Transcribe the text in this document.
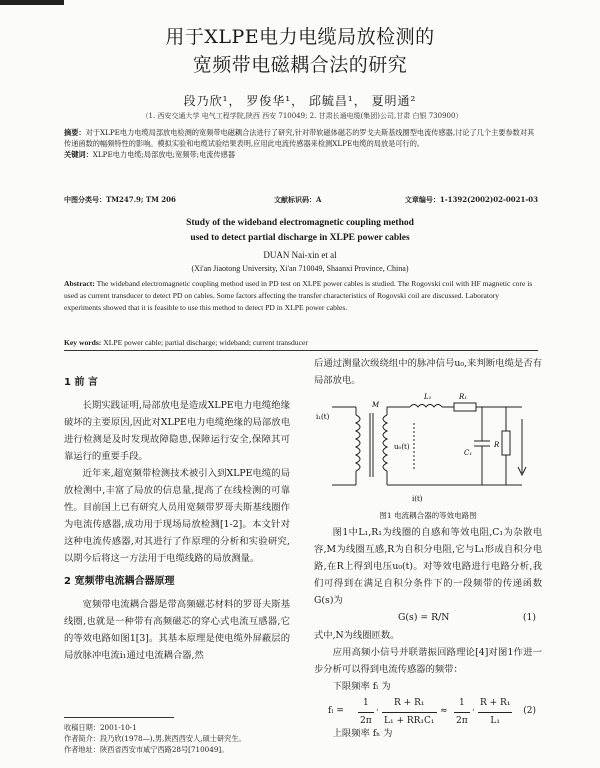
用于XLPE电力电缆局放检测的
宽频带电磁耦合法的研究
段乃欣¹， 罗俊华¹， 邱毓昌¹， 夏明通²
（1. 西安交通大学 电气工程学院,陕西 西安 710049; 2. 甘肃长通电缆(集团)公司,甘肃 白银 730900）
摘要：对于XLPE电力电缆局部放电检测的宽频带电磁耦合法进行了研究,针对带软磁体磁芯的罗戈夫斯基线圈型电流传感器,讨论了几个主要参数对其传递函数的幅频特性的影响。模拟实验和电缆试验结果表明,应用此电流传感器来检测XLPE电缆的局放是可行的。
关键词：XLPE电力电缆;局部放电;宽频带;电流传感器
中图分类号：TM247.9; TM 206	文献标识码：A	文章编号：1-1392(2002)02-0021-03
Study of the wideband electromagnetic coupling method
used to detect partial discharge in XLPE power cables
DUAN Nai-xin et al
(Xi'an Jiaotong University, Xi'an 710049, Shaanxi Province, China)
Abstract: The wideband electromagnetic coupling method used in PD test on XLPE power cables is studied. The Rogovski coil with HF magnetic core is used as current transducer to detect PD on cables. Some factors affecting the transfer characteristics of Rogovski coil are discussed. Laboratory experiments showed that it is feasible to use this method to detect PD in XLPE power cables.
Key words: XLPE power cable; partial discharge; wideband; current transducer

1 前 言

长期实践证明,局部放电是造成XLPE电力电缆绝缘破坏的主要原因,因此对XLPE电力电缆绝缘的局部放电进行检测是及时发现故障隐患,保障运行安全,保障其可靠运行的重要手段。

近年来,超宽频带检测技术被引入到XLPE电缆的局放检测中,丰富了局放的信息量,提高了在线检测的可靠性。目前国上已有研究人员用宽频带罗哥夫斯基线圈作为电流传感器,成功用于现场局放检测[1-2]。本文针对这种电流传感器,对其进行了作原理的分析和实验研究,以期今后将这一方法用于电缆线路的局放测量。

2 宽频带电流耦合器原理

宽频带电流耦合器是带高频磁芯材料的罗哥夫斯基线圈,也就是一种带有高频磁芯的穿心式电流互感器,它的等效电路如图1[3]。其基本原理是使电缆外屏蔽层的局放脉冲电流i₁通过电流耦合器,然

收稿日期：2001-10-1
作者简介：段乃欣(1978—),男,陕西西安人,硕士研究生。
作者地址：陕西省西安市咸宁西路28号[710049]。

后通过测量次级绕组中的脉冲信号u₀,来判断电缆是否有局部放电。

i₁(t)
M
L₁	R₁
C₁
R
u₀(t)
i(t)
图1 电流耦合器的等效电路图

图1中L₁,R₁为线圈的自感和等效电阻,C₁为杂散电容,M为线圈互感,R为自积分电阻,它与L₁形成自积分电路,在R上得到电压u₀(t)。对等效电路进行电路分析,我们可得到在满足自积分条件下的一段频带的传递函数G(s)为

G(s) = R/N	(1)

式中,N为线圈匝数。

应用高频小信号并联谐振回路理论[4]对图1作进一步分析可以得到电流传感器的频带：

下限频率 fₗ 为

$f_l = \frac{1}{2\pi} \cdot \frac{\text{R + R₁}}{\text{L₁ + RR₁C₁}} \approx \frac{1}{2\pi} \cdot \frac{\text{R + R₁}}{\text{L₁}} (2)$

上限频率 fₕ 为
